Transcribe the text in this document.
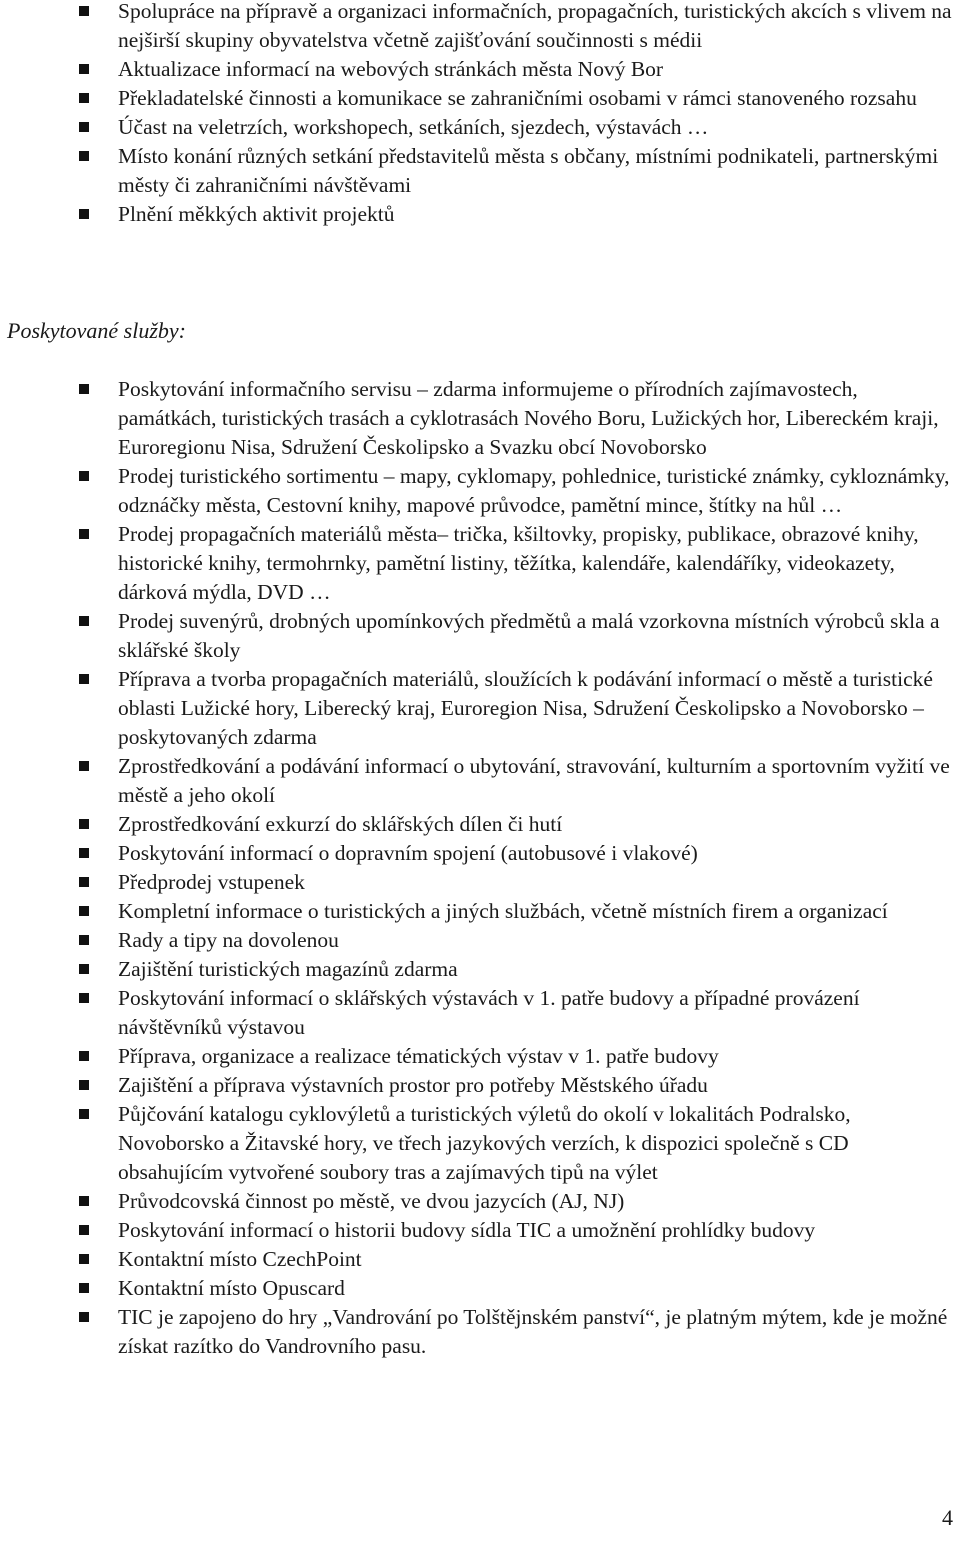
Spolupráce na přípravě a organizaci informačních, propagačních, turistických akcích s vlivem na nejširší skupiny obyvatelstva včetně zajišťování součinnosti s médii
Aktualizace informací na webových stránkách města Nový Bor
Překladatelské činnosti a komunikace se zahraničními osobami v rámci stanoveného rozsahu
Účast na veletrzích, workshopech, setkáních, sjezdech, výstavách …
Místo konání různých setkání představitelů města s občany, místními podnikateli, partnerskými městy či zahraničními návštěvami
Plnění měkkých aktivit projektů
Poskytované služby:
Poskytování informačního servisu – zdarma informujeme o přírodních zajímavostech, památkách, turistických trasách a cyklotrasách Nového Boru, Lužických hor, Libereckém kraji, Euroregionu Nisa, Sdružení Českolipsko a Svazku obcí Novoborsko
Prodej turistického sortimentu – mapy, cyklomapy, pohlednice, turistické známky, cykloznámky, odznáčky města, Cestovní knihy, mapové průvodce, pamětní mince, štítky na hůl …
Prodej propagačních materiálů města– trička, kšiltovky, propisky, publikace, obrazové knihy, historické knihy, termohrnky, pamětní listiny, těžítka, kalendáře, kalendáříky, videokazety, dárková mýdla, DVD …
Prodej suvenýrů, drobných upomínkových předmětů a malá vzorkovna místních výrobců skla a sklářské školy
Příprava a tvorba propagačních materiálů, sloužících k podávání informací o městě a turistické oblasti Lužické hory, Liberecký kraj, Euroregion Nisa, Sdružení Českolipsko a Novoborsko – poskytovaných zdarma
Zprostředkování a podávání informací o ubytování, stravování, kulturním a sportovním vyžití ve městě a jeho okolí
Zprostředkování exkurzí do sklářských dílen či hutí
Poskytování informací o dopravním spojení (autobusové i vlakové)
Předprodej vstupenek
Kompletní informace o turistických a jiných službách, včetně místních firem a organizací
Rady a tipy na dovolenou
Zajištění turistických magazínů zdarma
Poskytování informací o sklářských výstavách v 1. patře budovy a případné provázení návštěvníků výstavou
Příprava, organizace a realizace tématických výstav v 1. patře budovy
Zajištění a příprava výstavních prostor pro potřeby Městského úřadu
Půjčování katalogu cyklovýletů a turistických výletů do okolí v lokalitách Podralsko, Novoborsko a Žitavské hory, ve třech jazykových verzích, k dispozici společně s CD obsahujícím vytvořené soubory tras a zajímavých tipů na výlet
Průvodcovská činnost po městě, ve dvou jazycích (AJ, NJ)
Poskytování informací o historii budovy sídla TIC a umožnění prohlídky budovy
Kontaktní místo CzechPoint
Kontaktní místo Opuscard
TIC je zapojeno do hry „Vandrování po Tolštějnském panství“, je platným mýtem, kde je možné získat razítko do Vandrovního pasu.
4
